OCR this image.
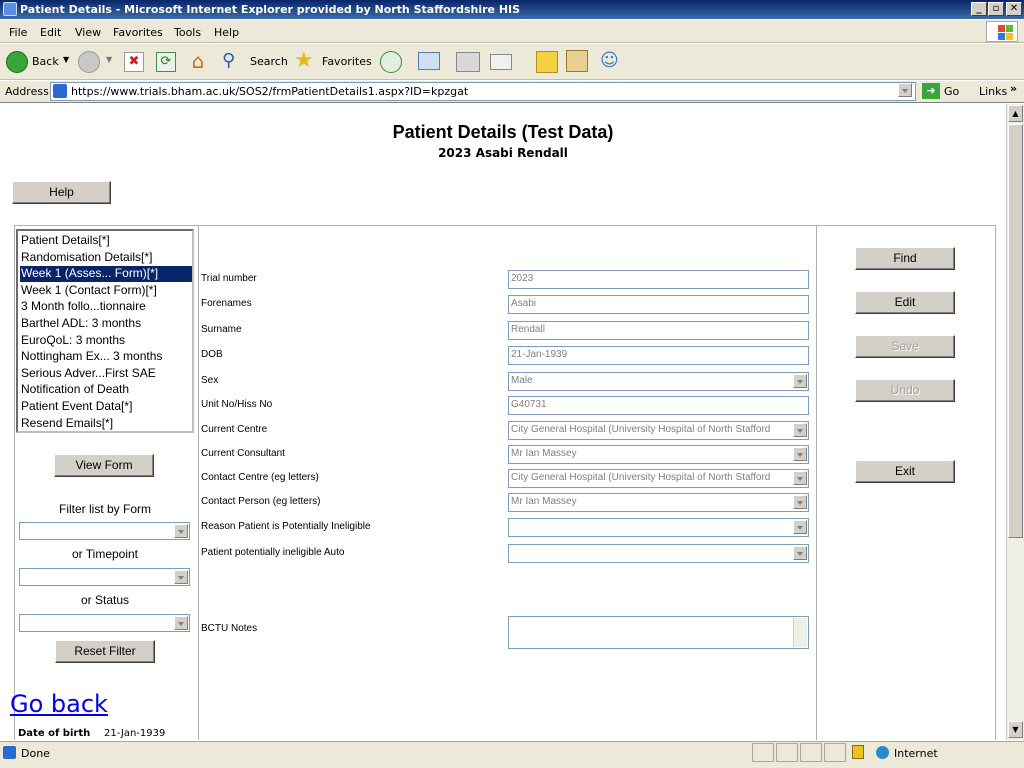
Patient Details - Microsoft Internet Explorer provided by North Staffordshire HIS	_	▫	✕
File Edit View Favorites Tools Help
Back ▼	▼	✖	⟳ ⌂ ⚲	Search ★ Favorites	☺
Address	https://www.trials.bham.ac.uk/SOS2/frmPatientDetails1.aspx?ID=kpzgat	➔ Go Links »
Patient Details (Test Data)
2023 Asabi Rendall
Help
Patient Details[*]
Randomisation Details[*]
Week 1 (Asses... Form)[*]
Week 1 (Contact Form)[*]
3 Month follo...tionnaire
Barthel ADL: 3 months
EuroQoL: 3 months
Nottingham Ex... 3 months
Serious Adver...First SAE
Notification of Death
Patient Event Data[*]
Resend Emails[*]
View Form
Filter list by Form
or Timepoint
or Status
Reset Filter
Go back
Date of birth 21-Jan-1939
Find
Edit
Save
Undo
Exit
Trial number	2023
Forenames	Asabi
Surname	Rendall
DOB	21-Jan-1939
Sex	Male
Unit No/Hiss No	G40731
Current Centre	City General Hospital (University Hospital of North Stafford
Current Consultant	Mr Ian Massey
Contact Centre (eg letters)	City General Hospital (University Hospital of North Stafford
Contact Person (eg letters)	Mr Ian Massey
Reason Patient is Potentially Ineligible
Patient potentially ineligible Auto
BCTU Notes
▲
▼
Done	Internet
